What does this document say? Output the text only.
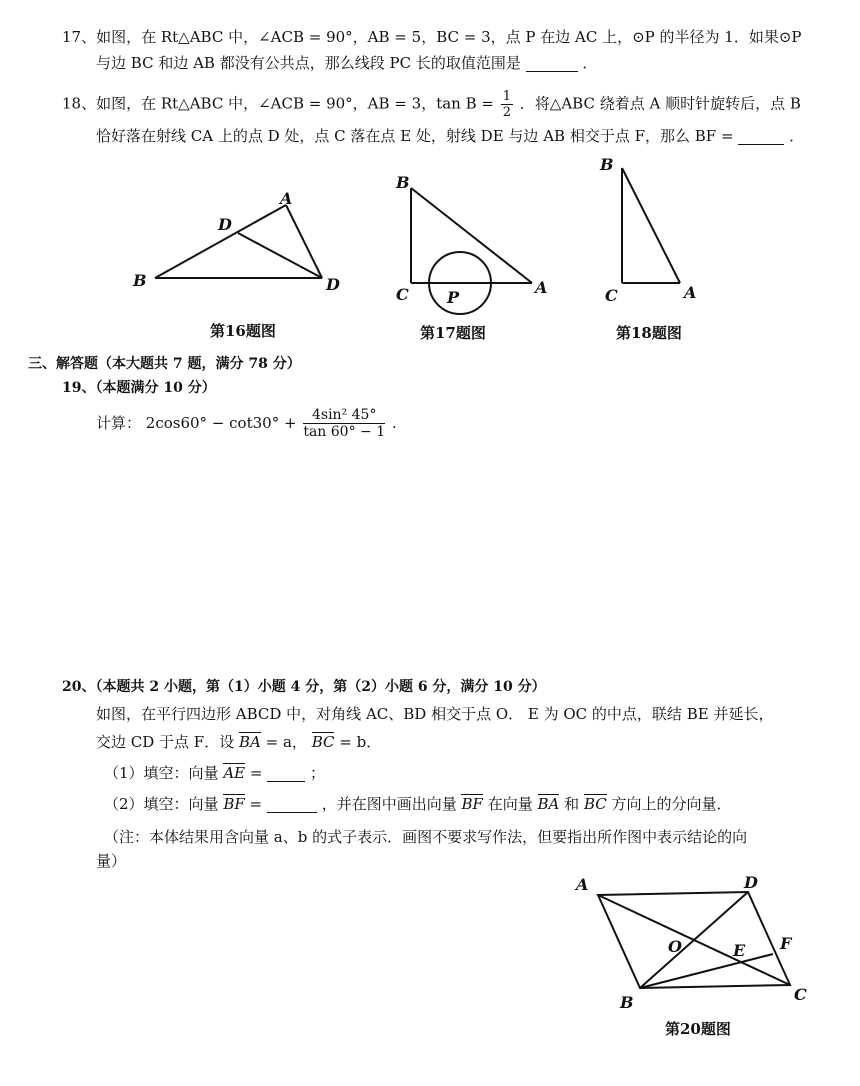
17、如图，在 Rt△ABC 中，∠ACB = 90°，AB = 5，BC = 3，点 P 在边 AC 上，⊙P 的半径为 1．如果⊙P
与边 BC 和边 AB 都没有公共点，那么线段 PC 长的取值范围是	．
18、如图，在 Rt△ABC 中，∠ACB = 90°，AB = 3，$\tan B = \frac{1}{2}$ ．将△ABC 绕着点 A 顺时针旋转后，点 B
恰好落在射线 CA 上的点 D 处，点 C 落在点 E 处，射线 DE 与边 AB 相交于点 F，那么 BF =	．
A
D
B	D
B
C P
A
B
C	A
第16题图	第17题图	第18题图
三、解答题（本大题共 7 题，满分 78 分）
19、（本题满分 10 分）
计算： $2\cos 60^\circ - \cot 30^\circ + \frac{\text{4sin² 45°}}{\tan 60^\circ - 1}$ .
20、（本题共 2 小题，第（1）小题 4 分，第（2）小题 6 分，满分 10 分）
如图，在平行四边形 ABCD 中，对角线 AC、BD 相交于点 O． E 为 OC 的中点，联结 BE 并延长，
交边 CD 于点 F．设 BA = a， BC = b．
（1）填空：向量 AE =	；
（2）填空：向量 BF =	，并在图中画出向量 BF 在向量 BA 和 BC 方向上的分向量．
（注：本体结果用含向量 a、b 的式子表示．画图不要求写作法，但要指出所作图中表示结论的向
量）
A	D
O	E F
B	C
第20题图
